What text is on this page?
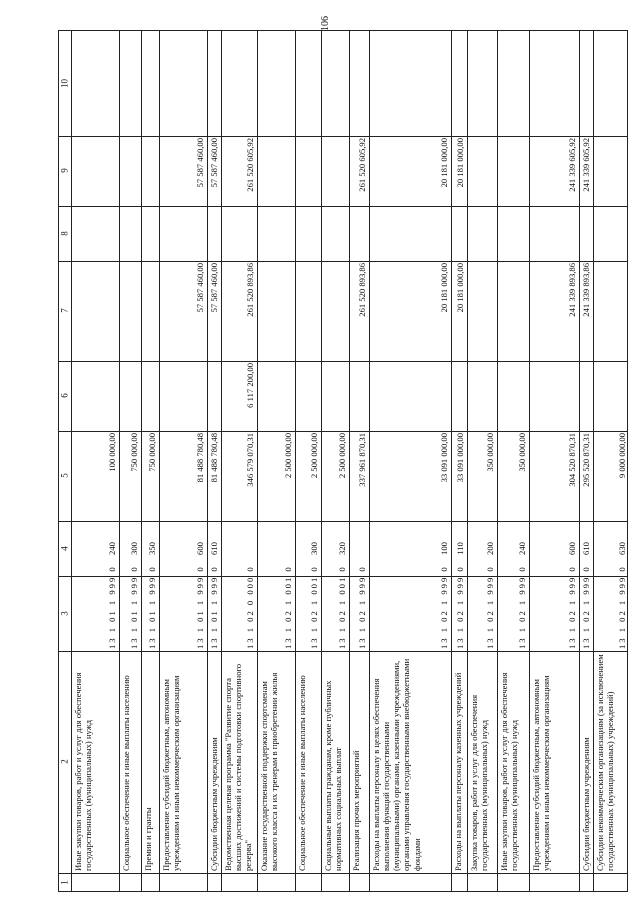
106
1
2
3
4
5
6
7
8
9
10
Иные закупки товаров, работ и услуг для обеспечения государственных (муниципальных) нужд
13 1 01 1 999 0
240
100 000,00
Социальное обеспечение и иные выплаты населению
13 1 01 1 999 0
300
750 000,00
Премии и гранты
13 1 01 1 999 0
350
750 000,00
Предоставление субсидий бюджетным, автономным учреждениям и иным некоммерческим организациям
13 1 01 1 999 0
600
81 488 780,48
57 587 460,00
57 587 460,00
Субсидии бюджетным учреждениям
13 1 01 1 999 0
610
81 488 780,48
57 587 460,00
57 587 460,00
Ведомственная целевая программа "Развитие спорта высших достижений и системы подготовки спортивного резерва"
13 1 02 0 000 0
346 579 070,31
6 117 200,00
261 520 893,86
261 520 605,92
Оказание государственной поддержки спортсменам высокого класса и их тренерам в приобретении жилья
13 1 02 1 001 0
2 500 000,00
Социальное обеспечение и иные выплаты населению
13 1 02 1 001 0
300
2 500 000,00
Социальные выплаты гражданам, кроме публичных нормативных социальных выплат
13 1 02 1 001 0
320
2 500 000,00
Реализация прочих мероприятий
13 1 02 1 999 0
337 961 870,31
261 520 893,86
261 520 605,92
Расходы на выплаты персоналу в целях обеспечения выполнения функций государственными (муниципальными) органами, казенными учреждениями, органами управления государственными внебюджетными фондами
13 1 02 1 999 0
100
33 091 000,00
20 181 000,00
20 181 000,00
Расходы на выплаты персоналу казенных учреждений
13 1 02 1 999 0
110
33 091 000,00
20 181 000,00
20 181 000,00
Закупка товаров, работ и услуг для обеспечения государственных (муниципальных) нужд
13 1 02 1 999 0
200
350 000,00
Иные закупки товаров, работ и услуг для обеспечения государственных (муниципальных) нужд
13 1 02 1 999 0
240
350 000,00
Предоставление субсидий бюджетным, автономным учреждениям и иным некоммерческим организациям
13 1 02 1 999 0
600
304 520 870,31
241 339 893,86
241 339 605,92
Субсидии бюджетным учреждениям
13 1 02 1 999 0
610
295 520 870,31
241 339 893,86
241 339 605,92
Субсидии некоммерческим организациям (за исключением государственных (муниципальных) учреждений)
13 1 02 1 999 0
630
9 000 000,00
